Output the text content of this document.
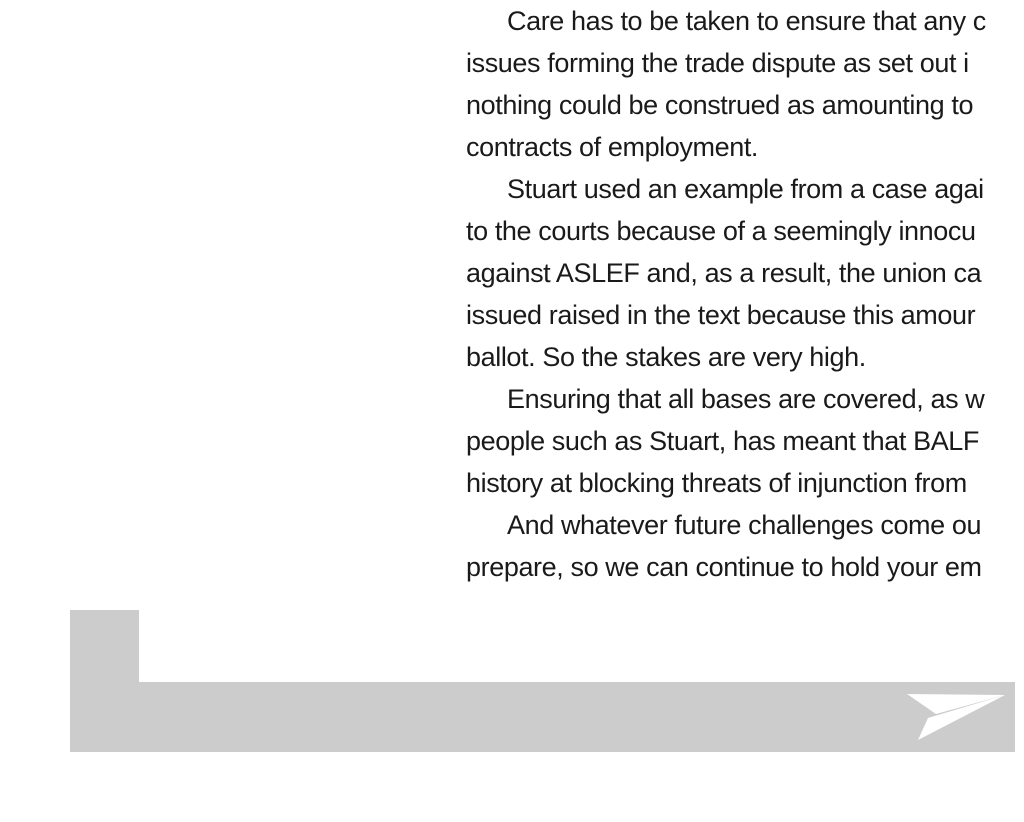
Care has to be taken to ensure that any c
issues forming the trade dispute as set out i
nothing could be construed as amounting to
contracts of employment.
Stuart used an example from a case agai
to the courts because of a seemingly innocu
against ASLEF and, as a result, the union ca
issued raised in the text because this amour
ballot. So the stakes are very high.
Ensuring that all bases are covered, as w
people such as Stuart, has meant that BALF
history at blocking threats of injunction from
And whatever future challenges come ou
prepare, so we can continue to hold your em
